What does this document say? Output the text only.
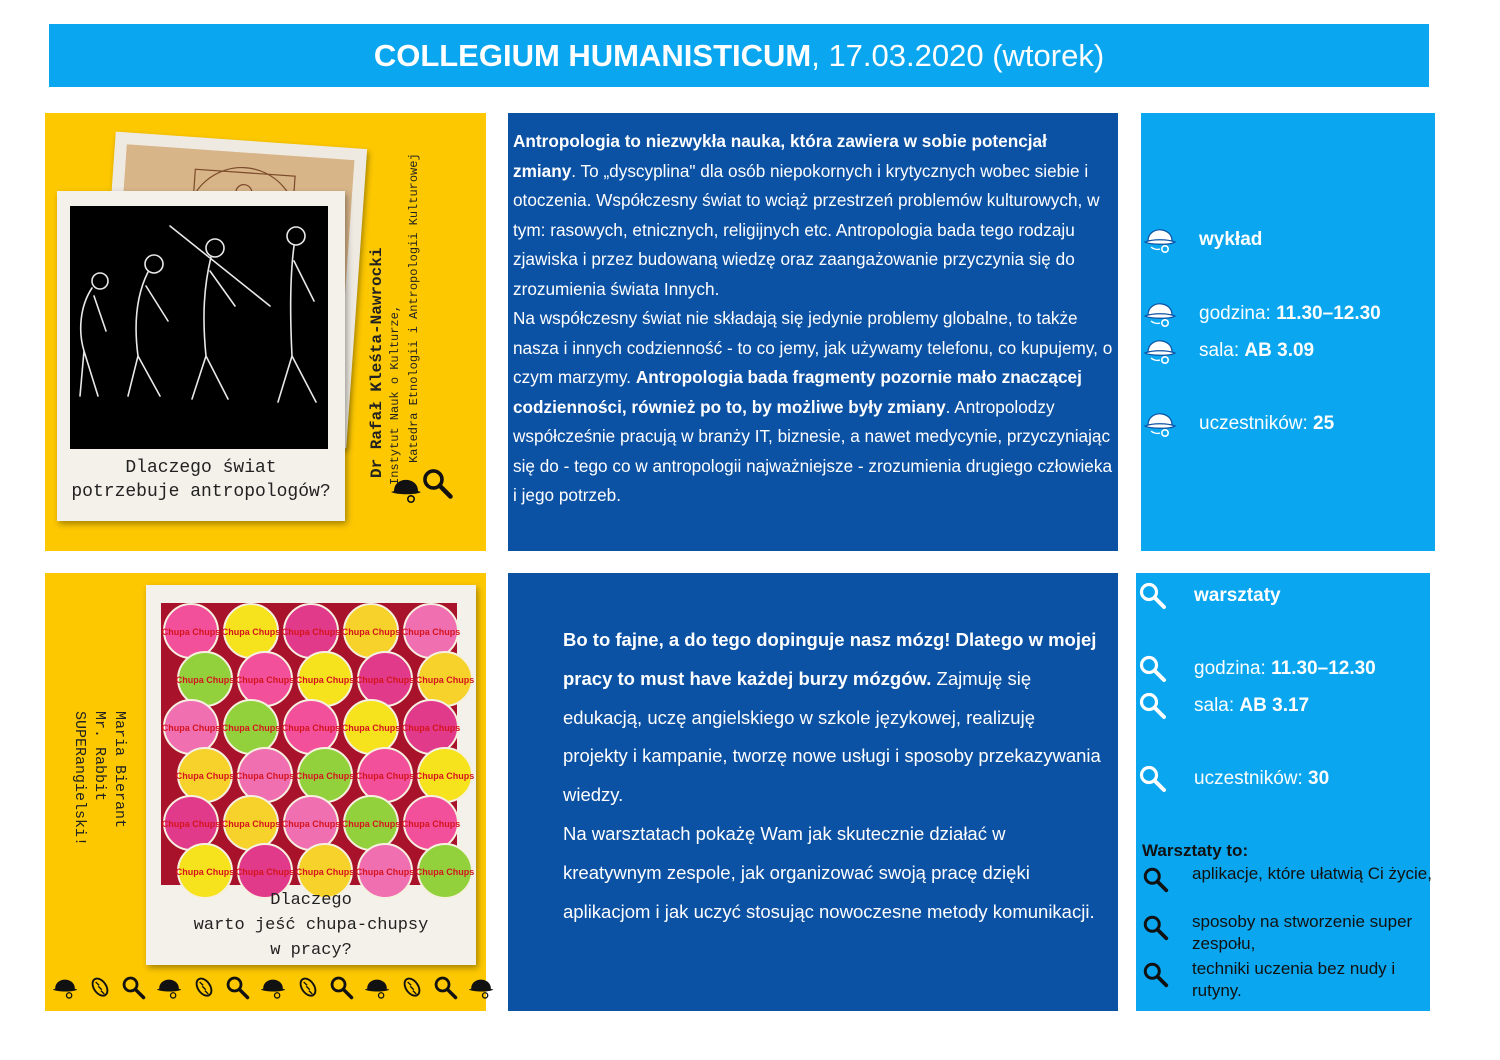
COLLEGIUM HUMANISTICUM , 17.03.2020 (wtorek)
Dlaczego świat
potrzebuje antropologów?
Dr Rafał Kleśta-Nawrocki Instytut Nauk o Kulturze, Katedra Etnologii i Antropologii Kulturowej
Antropologia to niezwykła nauka, która zawiera w sobie potencjał zmiany. To „dyscyplina" dla osób niepokornych i krytycznych wobec siebie i otoczenia. Współczesny świat to wciąż przestrzeń problemów kulturowych, w tym: rasowych, etnicznych, religijnych etc. Antropologia bada tego rodzaju zjawiska i przez budowaną wiedzę oraz zaangażowanie przyczynia się do zrozumienia świata Innych.
Na współczesny świat nie składają się jedynie problemy globalne, to także nasza i innych codzienność - to co jemy, jak używamy telefonu, co kupujemy, o czym marzymy. Antropologia bada fragmenty pozornie mało znaczącej codzienności, również po to, by możliwe były zmiany. Antropolodzy współcześnie pracują w branży IT, biznesie, a nawet medycynie, przyczyniając się do - tego co w antropologii najważniejsze - zrozumienia drugiego człowieka i jego potrzeb.
wykład
godzina: 11.30–12.30
sala: AB 3.09
uczestników: 25
Chupa Chups Chupa Chups Chupa Chups Chupa Chups Chupa Chups
Chupa Chups Chupa Chups Chupa Chups Chupa Chups Chupa Chups
Chupa Chups Chupa Chups Chupa Chups Chupa Chups Chupa Chups
Chupa Chups Chupa Chups Chupa Chups Chupa Chups Chupa Chups
Chupa Chups Chupa Chups Chupa Chups Chupa Chups Chupa Chups
Chupa Chups Chupa Chups Chupa Chups Chupa Chups Chupa Chups
Dlaczego
warto jeść chupa-chupsy
w pracy?
Maria Bierant
Mr. Rabbit
SUPERangielski!
Bo to fajne, a do tego dopinguje nasz mózg! Dlatego w mojej pracy to must have każdej burzy mózgów. Zajmuję się edukacją, uczę angielskiego w szkole językowej, realizuję projekty i kampanie, tworzę nowe usługi i sposoby przekazywania wiedzy.
Na warsztatach pokażę Wam jak skutecznie działać w kreatywnym zespole, jak organizować swoją pracę dzięki aplikacjom i jak uczyć stosując nowoczesne metody komunikacji.
warsztaty
godzina: 11.30–12.30
sala: AB 3.17
uczestników: 30
Warsztaty to:
aplikacje, które ułatwią Ci życie,
sposoby na stworzenie super zespołu,
techniki uczenia bez nudy i rutyny.
